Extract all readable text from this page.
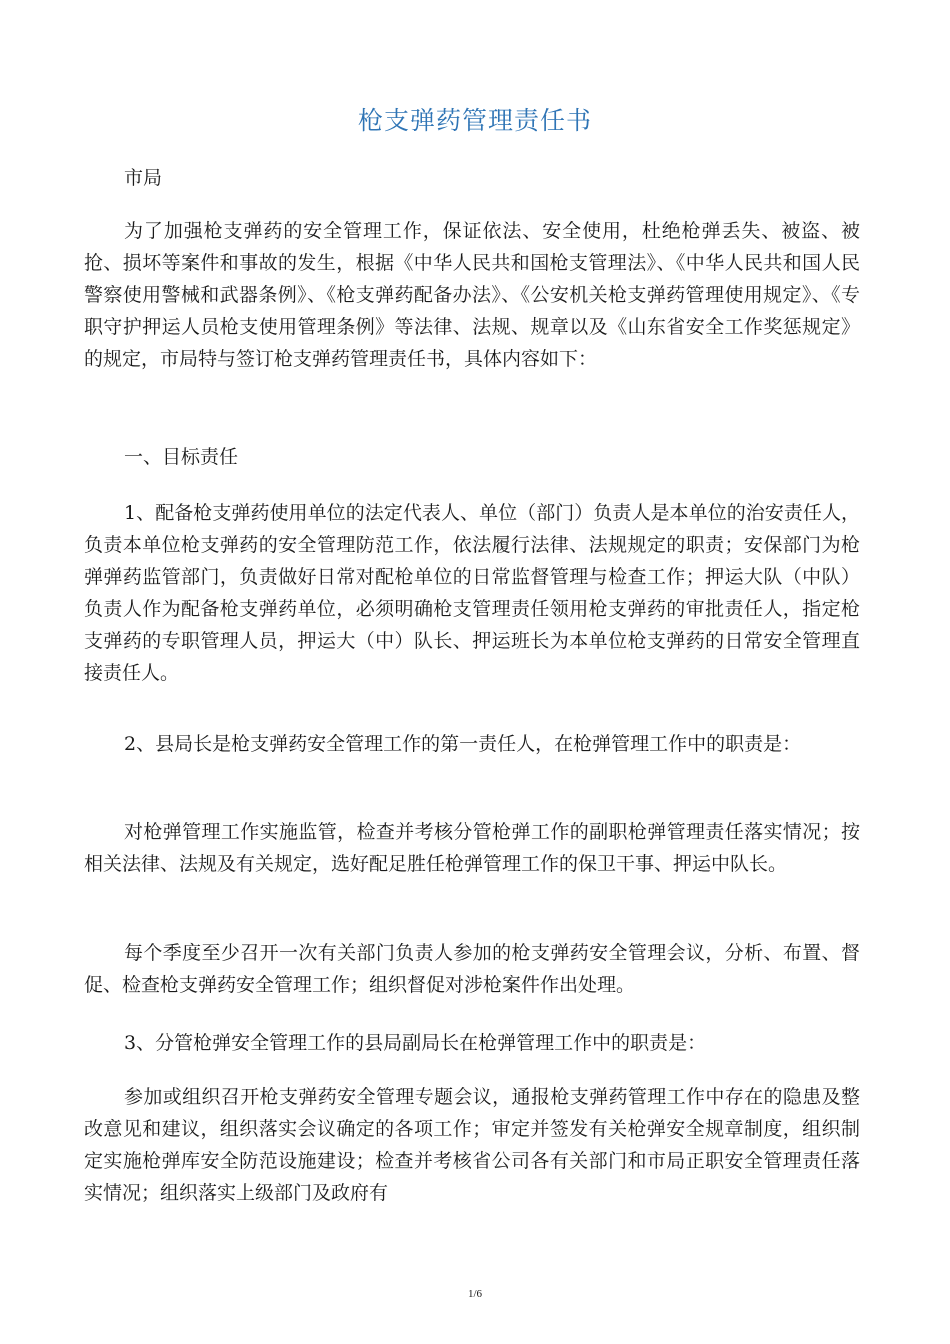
枪支弹药管理责任书

市局

为了加强枪支弹药的安全管理工作，保证依法、安全使用，杜绝枪弹丢失、被盗、被抢、损坏等案件和事故的发生，根据《中华人民共和国枪支管理法》、《中华人民共和国人民警察使用警械和武器条例》、《枪支弹药配备办法》、《公安机关枪支弹药管理使用规定》、《专职守护押运人员枪支使用管理条例》等法律、法规、规章以及《山东省安全工作奖惩规定》的规定，市局特与签订枪支弹药管理责任书，具体内容如下：

一、目标责任

1、配备枪支弹药使用单位的法定代表人、单位（部门）负责人是本单位的治安责任人，负责本单位枪支弹药的安全管理防范工作，依法履行法律、法规规定的职责；安保部门为枪弹弹药监管部门，负责做好日常对配枪单位的日常监督管理与检查工作；押运大队（中队）负责人作为配备枪支弹药单位，必须明确枪支管理责任领用枪支弹药的审批责任人，指定枪支弹药的专职管理人员，押运大（中）队长、押运班长为本单位枪支弹药的日常安全管理直接责任人。

2、县局长是枪支弹药安全管理工作的第一责任人，在枪弹管理工作中的职责是：

对枪弹管理工作实施监管，检查并考核分管枪弹工作的副职枪弹管理责任落实情况；按相关法律、法规及有关规定，选好配足胜任枪弹管理工作的保卫干事、押运中队长。

每个季度至少召开一次有关部门负责人参加的枪支弹药安全管理会议，分析、布置、督促、检查枪支弹药安全管理工作；组织督促对涉枪案件作出处理。

3、分管枪弹安全管理工作的县局副局长在枪弹管理工作中的职责是：

参加或组织召开枪支弹药安全管理专题会议，通报枪支弹药管理工作中存在的隐患及整改意见和建议，组织落实会议确定的各项工作；审定并签发有关枪弹安全规章制度，组织制定实施枪弹库安全防范设施建设；检查并考核省公司各有关部门和市局正职安全管理责任落实情况；组织落实上级部门及政府有

1/6
